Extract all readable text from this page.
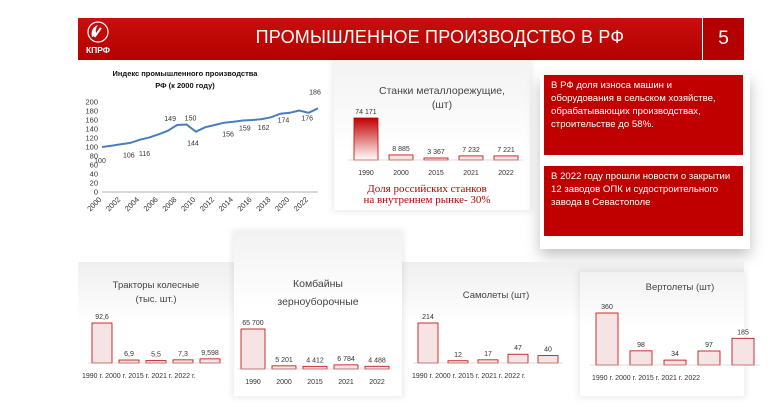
КПРФ
ПРОМЫШЛЕННОЕ ПРОИЗВОДСТВО В РФ	5
Индекс промышленного производства
РФ (к 2000 году)
0
20
40
60
80
100
120
140
160
180
200
100
106 116
149 150
144
156
159 162
174 176
186
2000 2002 2004 2006 2008 2010 2012 2014 2016 2018 2020 2022
Станки металлорежущие,
(шт)
74 171
8 885 3 367 7 232 7 221
1990	2000	2015	2021	2022
Доля российских станков
на внутреннем рынке- 30%
В РФ доля износа машин и оборудования в сельском хозяйстве, обрабатывающих производствах, строительстве до 58%.
В 2022 году прошли новости о закрытии 12 заводов ОПК и судостроительного завода в Севастополе
Тракторы колесные
(тыс. шт.)
92,6
6,9 5,5 7,3 9,598
1990 г. 2000 г. 2015 г. 2021 г. 2022 г.
Комбайны
зерноуборочные
65 700
5 201 4 412 6 784 4 488
1990 2000 2015 2021 2022
Самолеты (шт)
214
12	17
47	40
1990 г. 2000 г. 2015 г. 2021 г. 2022 г.
Вертолеты (шт)
360
98
34
97
185
1990 г. 2000 г. 2015 г. 2021 г. 2022
